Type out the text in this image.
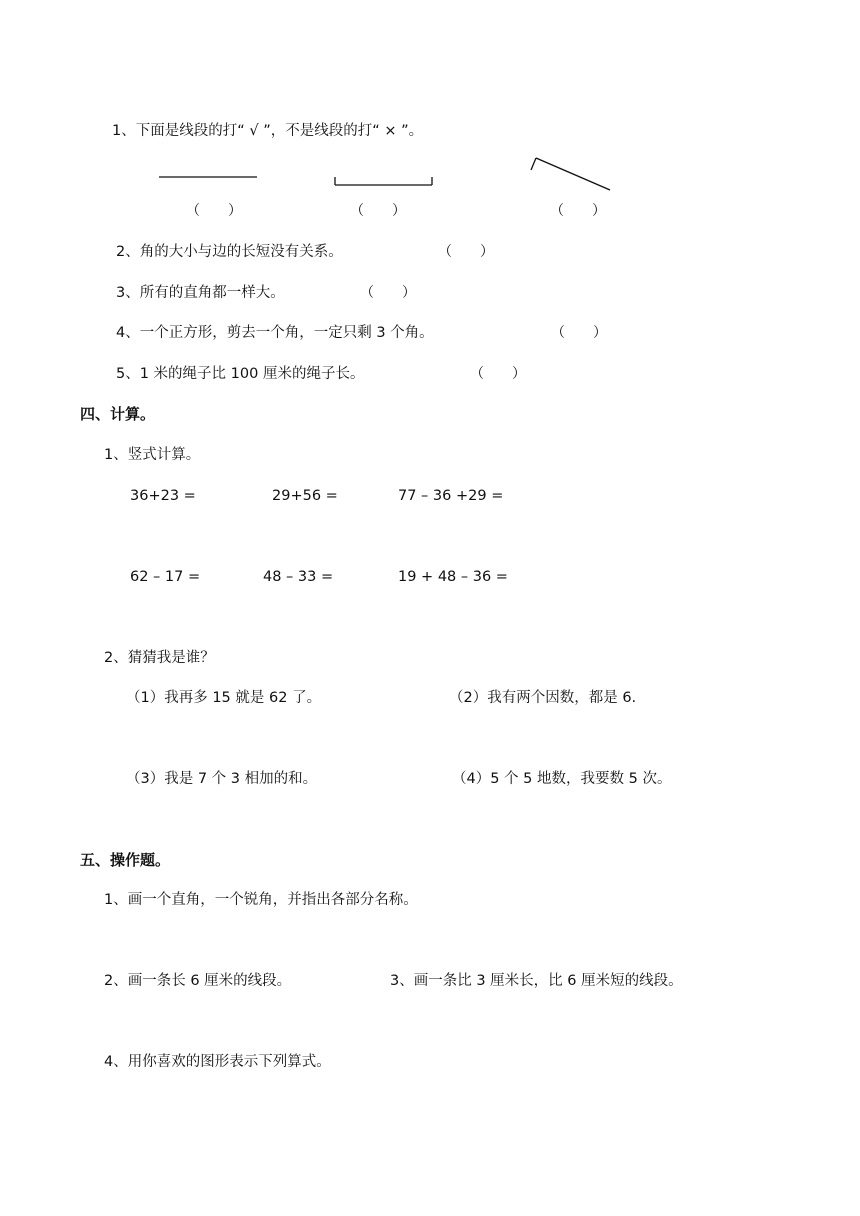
1、下面是线段的打“ √ ”，不是线段的打“ × ”。
（　　）	（　　）	（　　）
2、角的大小与边的长短没有关系。	（　　）
3、所有的直角都一样大。	（　　）
4、一个正方形，剪去一个角，一定只剩 3 个角。	（　　）
5、1 米的绳子比 100 厘米的绳子长。	（　　）
四、计算。
1、竖式计算。
36+23 =	29+56 =	77 – 36 +29 =
62 – 17 =	48 – 33 =	19 + 48 – 36 =
2、猜猜我是谁？
（1）我再多 15 就是 62 了。	（2）我有两个因数，都是 6.
（3）我是 7 个 3 相加的和。	（4）5 个 5 地数，我要数 5 次。
五、操作题。
1、画一个直角，一个锐角，并指出各部分名称。
2、画一条长 6 厘米的线段。	3、画一条比 3 厘米长，比 6 厘米短的线段。
4、用你喜欢的图形表示下列算式。
